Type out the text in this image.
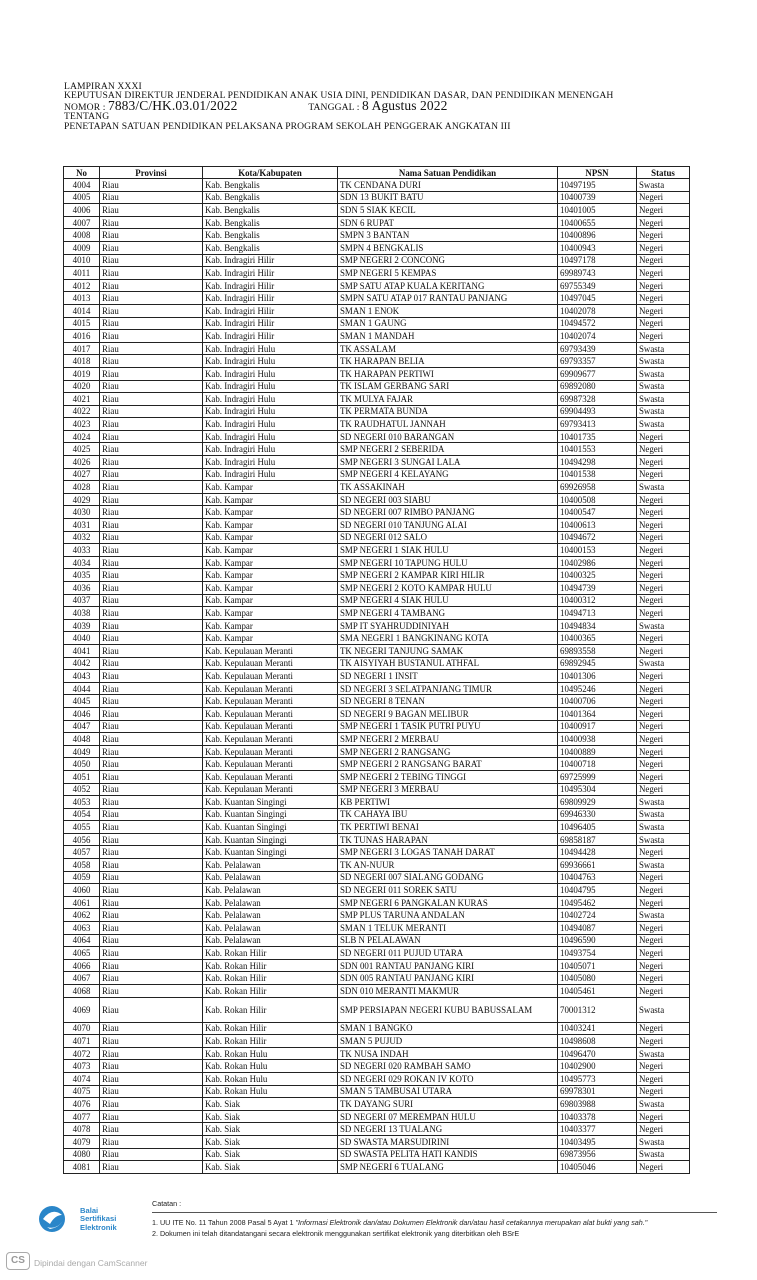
LAMPIRAN XXXI
KEPUTUSAN DIREKTUR JENDERAL PENDIDIKAN ANAK USIA DINI, PENDIDIKAN DASAR, DAN PENDIDIKAN MENENGAH
NOMOR : 7883/C/HK.03.01/2022	TANGGAL : 8 Agustus 2022
TENTANG
PENETAPAN SATUAN PENDIDIKAN PELAKSANA PROGRAM SEKOLAH PENGGERAK ANGKATAN III
No	Provinsi	Kota/Kabupaten	Nama Satuan Pendidikan	NPSN	Status
4004	Riau	Kab. Bengkalis	TK CENDANA DURI	10497195	Swasta
4005	Riau	Kab. Bengkalis	SDN 13 BUKIT BATU	10400739	Negeri
4006	Riau	Kab. Bengkalis	SDN 5 SIAK KECIL	10401005	Negeri
4007	Riau	Kab. Bengkalis	SDN 6 RUPAT	10400655	Negeri
4008	Riau	Kab. Bengkalis	SMPN 3 BANTAN	10400896	Negeri
4009	Riau	Kab. Bengkalis	SMPN 4 BENGKALIS	10400943	Negeri
4010	Riau	Kab. Indragiri Hilir	SMP NEGERI 2 CONCONG	10497178	Negeri
4011	Riau	Kab. Indragiri Hilir	SMP NEGERI 5 KEMPAS	69989743	Negeri
4012	Riau	Kab. Indragiri Hilir	SMP SATU ATAP KUALA KERITANG	69755349	Negeri
4013	Riau	Kab. Indragiri Hilir	SMPN SATU ATAP 017 RANTAU PANJANG	10497045	Negeri
4014	Riau	Kab. Indragiri Hilir	SMAN 1 ENOK	10402078	Negeri
4015	Riau	Kab. Indragiri Hilir	SMAN 1 GAUNG	10494572	Negeri
4016	Riau	Kab. Indragiri Hilir	SMAN 1 MANDAH	10402074	Negeri
4017	Riau	Kab. Indragiri Hulu	TK ASSALAM	69793439	Swasta
4018	Riau	Kab. Indragiri Hulu	TK HARAPAN BELIA	69793357	Swasta
4019	Riau	Kab. Indragiri Hulu	TK HARAPAN PERTIWI	69909677	Swasta
4020	Riau	Kab. Indragiri Hulu	TK ISLAM GERBANG SARI	69892080	Swasta
4021	Riau	Kab. Indragiri Hulu	TK MULYA FAJAR	69987328	Swasta
4022	Riau	Kab. Indragiri Hulu	TK PERMATA BUNDA	69904493	Swasta
4023	Riau	Kab. Indragiri Hulu	TK RAUDHATUL JANNAH	69793413	Swasta
4024	Riau	Kab. Indragiri Hulu	SD NEGERI 010 BARANGAN	10401735	Negeri
4025	Riau	Kab. Indragiri Hulu	SMP NEGERI 2 SEBERIDA	10401553	Negeri
4026	Riau	Kab. Indragiri Hulu	SMP NEGERI 3 SUNGAI LALA	10494298	Negeri
4027	Riau	Kab. Indragiri Hulu	SMP NEGERI 4 KELAYANG	10401538	Negeri
4028	Riau	Kab. Kampar	TK ASSAKINAH	69926958	Swasta
4029	Riau	Kab. Kampar	SD NEGERI 003 SIABU	10400508	Negeri
4030	Riau	Kab. Kampar	SD NEGERI 007 RIMBO PANJANG	10400547	Negeri
4031	Riau	Kab. Kampar	SD NEGERI 010 TANJUNG ALAI	10400613	Negeri
4032	Riau	Kab. Kampar	SD NEGERI 012 SALO	10494672	Negeri
4033	Riau	Kab. Kampar	SMP NEGERI 1 SIAK HULU	10400153	Negeri
4034	Riau	Kab. Kampar	SMP NEGERI 10 TAPUNG HULU	10402986	Negeri
4035	Riau	Kab. Kampar	SMP NEGERI 2 KAMPAR KIRI HILIR	10400325	Negeri
4036	Riau	Kab. Kampar	SMP NEGERI 2 KOTO KAMPAR HULU	10494739	Negeri
4037	Riau	Kab. Kampar	SMP NEGERI 4 SIAK HULU	10400312	Negeri
4038	Riau	Kab. Kampar	SMP NEGERI 4 TAMBANG	10494713	Negeri
4039	Riau	Kab. Kampar	SMP IT SYAHRUDDINIYAH	10494834	Swasta
4040	Riau	Kab. Kampar	SMA NEGERI 1 BANGKINANG KOTA	10400365	Negeri
4041	Riau	Kab. Kepulauan Meranti	TK NEGERI TANJUNG SAMAK	69893558	Negeri
4042	Riau	Kab. Kepulauan Meranti	TK AISYIYAH BUSTANUL ATHFAL	69892945	Swasta
4043	Riau	Kab. Kepulauan Meranti	SD NEGERI 1 INSIT	10401306	Negeri
4044	Riau	Kab. Kepulauan Meranti	SD NEGERI 3 SELATPANJANG TIMUR	10495246	Negeri
4045	Riau	Kab. Kepulauan Meranti	SD NEGERI 8 TENAN	10400706	Negeri
4046	Riau	Kab. Kepulauan Meranti	SD NEGERI 9 BAGAN MELIBUR	10401364	Negeri
4047	Riau	Kab. Kepulauan Meranti	SMP NEGERI 1 TASIK PUTRI PUYU	10400917	Negeri
4048	Riau	Kab. Kepulauan Meranti	SMP NEGERI 2 MERBAU	10400938	Negeri
4049	Riau	Kab. Kepulauan Meranti	SMP NEGERI 2 RANGSANG	10400889	Negeri
4050	Riau	Kab. Kepulauan Meranti	SMP NEGERI 2 RANGSANG BARAT	10400718	Negeri
4051	Riau	Kab. Kepulauan Meranti	SMP NEGERI 2 TEBING TINGGI	69725999	Negeri
4052	Riau	Kab. Kepulauan Meranti	SMP NEGERI 3 MERBAU	10495304	Negeri
4053	Riau	Kab. Kuantan Singingi	KB PERTIWI	69809929	Swasta
4054	Riau	Kab. Kuantan Singingi	TK CAHAYA IBU	69946330	Swasta
4055	Riau	Kab. Kuantan Singingi	TK PERTIWI BENAI	10496405	Swasta
4056	Riau	Kab. Kuantan Singingi	TK TUNAS HARAPAN	69858187	Swasta
4057	Riau	Kab. Kuantan Singingi	SMP NEGERI 3 LOGAS TANAH DARAT	10494428	Negeri
4058	Riau	Kab. Pelalawan	TK AN-NUUR	69936661	Swasta
4059	Riau	Kab. Pelalawan	SD NEGERI 007 SIALANG GODANG	10404763	Negeri
4060	Riau	Kab. Pelalawan	SD NEGERI 011 SOREK SATU	10404795	Negeri
4061	Riau	Kab. Pelalawan	SMP NEGERI 6 PANGKALAN KURAS	10495462	Negeri
4062	Riau	Kab. Pelalawan	SMP PLUS TARUNA ANDALAN	10402724	Swasta
4063	Riau	Kab. Pelalawan	SMAN 1 TELUK MERANTI	10494087	Negeri
4064	Riau	Kab. Pelalawan	SLB N PELALAWAN	10496590	Negeri
4065	Riau	Kab. Rokan Hilir	SD NEGERI 011 PUJUD UTARA	10493754	Negeri
4066	Riau	Kab. Rokan Hilir	SDN 001 RANTAU PANJANG KIRI	10405071	Negeri
4067	Riau	Kab. Rokan Hilir	SDN 005 RANTAU PANJANG KIRI	10405080	Negeri
4068	Riau	Kab. Rokan Hilir	SDN 010 MERANTI MAKMUR	10405461	Negeri
4069	Riau	Kab. Rokan Hilir	SMP PERSIAPAN NEGERI KUBU BABUSSALAM	70001312	Swasta
4070	Riau	Kab. Rokan Hilir	SMAN 1 BANGKO	10403241	Negeri
4071	Riau	Kab. Rokan Hilir	SMAN 5 PUJUD	10498608	Negeri
4072	Riau	Kab. Rokan Hulu	TK NUSA INDAH	10496470	Swasta
4073	Riau	Kab. Rokan Hulu	SD NEGERI 020 RAMBAH SAMO	10402900	Negeri
4074	Riau	Kab. Rokan Hulu	SD NEGERI 029 ROKAN IV KOTO	10495773	Negeri
4075	Riau	Kab. Rokan Hulu	SMAN 5 TAMBUSAI UTARA	69978301	Negeri
4076	Riau	Kab. Siak	TK DAYANG SURI	69803988	Swasta
4077	Riau	Kab. Siak	SD NEGERI 07 MEREMPAN HULU	10403378	Negeri
4078	Riau	Kab. Siak	SD NEGERI 13 TUALANG	10403377	Negeri
4079	Riau	Kab. Siak	SD SWASTA MARSUDIRINI	10403495	Swasta
4080	Riau	Kab. Siak	SD SWASTA PELITA HATI KANDIS	69873956	Swasta
4081	Riau	Kab. Siak	SMP NEGERI 6 TUALANG	10405046	Negeri
Balai
Sertifikasi
Elektronik
Catatan :
1. UU ITE No. 11 Tahun 2008 Pasal 5 Ayat 1 "Informasi Elektronik dan/atau Dokumen Elektronik dan/atau hasil cetakannya merupakan alat bukti yang sah."
2. Dokumen ini telah ditandatangani secara elektronik menggunakan sertifikat elektronik yang diterbitkan oleh BSrE
CS	Dipindai dengan CamScanner
